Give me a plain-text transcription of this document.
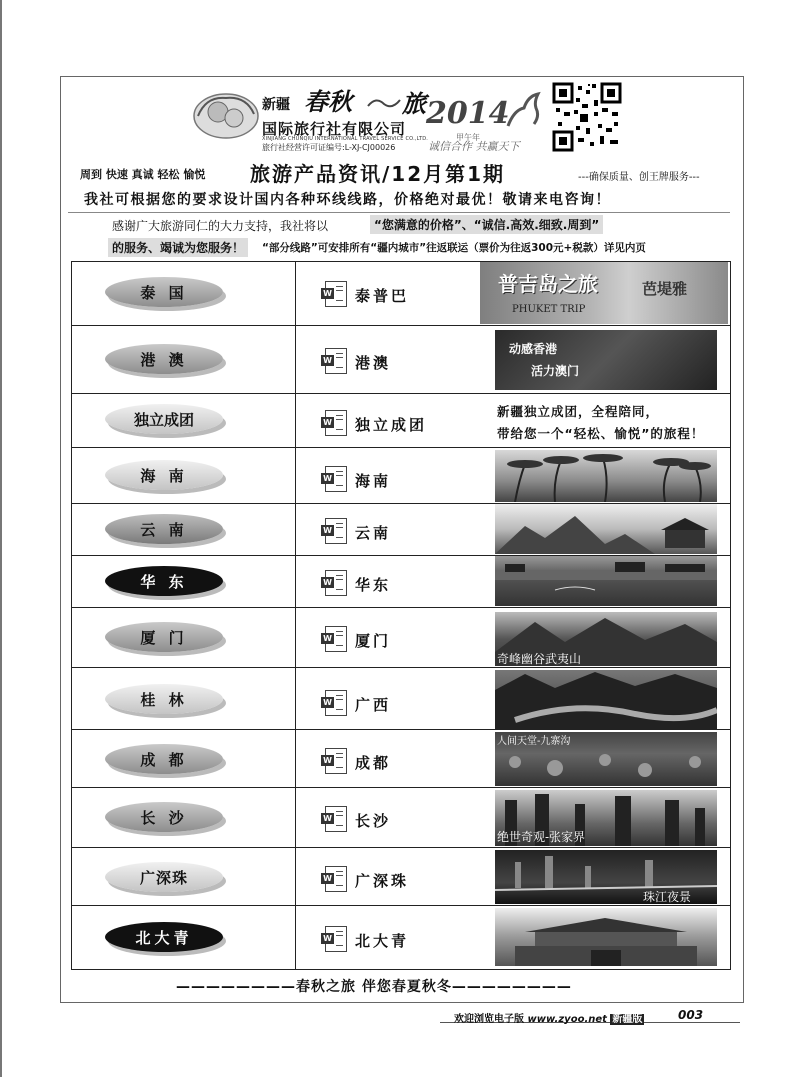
新疆 春秋 旅
国际旅行社有限公司
XINJIANG CHUNQIU INTERNATIONAL TRAVEL SERVICE CO.,LTD.
旅行社经营许可证编号:L-XJ-CJ00026
2014
甲午年
诚信合作 共赢天下
周到 快速 真诚 轻松 愉悦 旅游产品资讯/12月第1期	---确保质量、创王牌服务---
我社可根据您的要求设计国内各种环线线路，价格绝对最优！敬请来电咨询！
感谢广大旅游同仁的大力支持，我社将以	“您满意的价格”、“诚信.高效.细致.周到”
的服务、竭诚为您服务！	“部分线路”可安排所有“疆内城市”往返联运（票价为往返300元+税款）详见内页
泰 国	W 泰普巴	普吉岛之旅
PHUKET TRIP
芭堤雅
港 澳	W 港澳
动感香港
活力澳门
独立成团	W 独立成团
新疆独立成团，全程陪同，
带给您一个“轻松、愉悦”的旅程！
海 南	W 海南
云 南	W 云南
华 东	W 华东
厦 门	W 厦门
奇峰幽谷武夷山
桂 林	W 广西
成 都	W 成都
人间天堂-九寨沟
长 沙	W 长沙
绝世奇观-张家界
广深珠	W 广深珠
珠江夜景
北大青	W 北大青
————————春秋之旅 伴您春夏秋冬————————
欢迎浏览电子版 www.zyoo.net 新疆版	003
